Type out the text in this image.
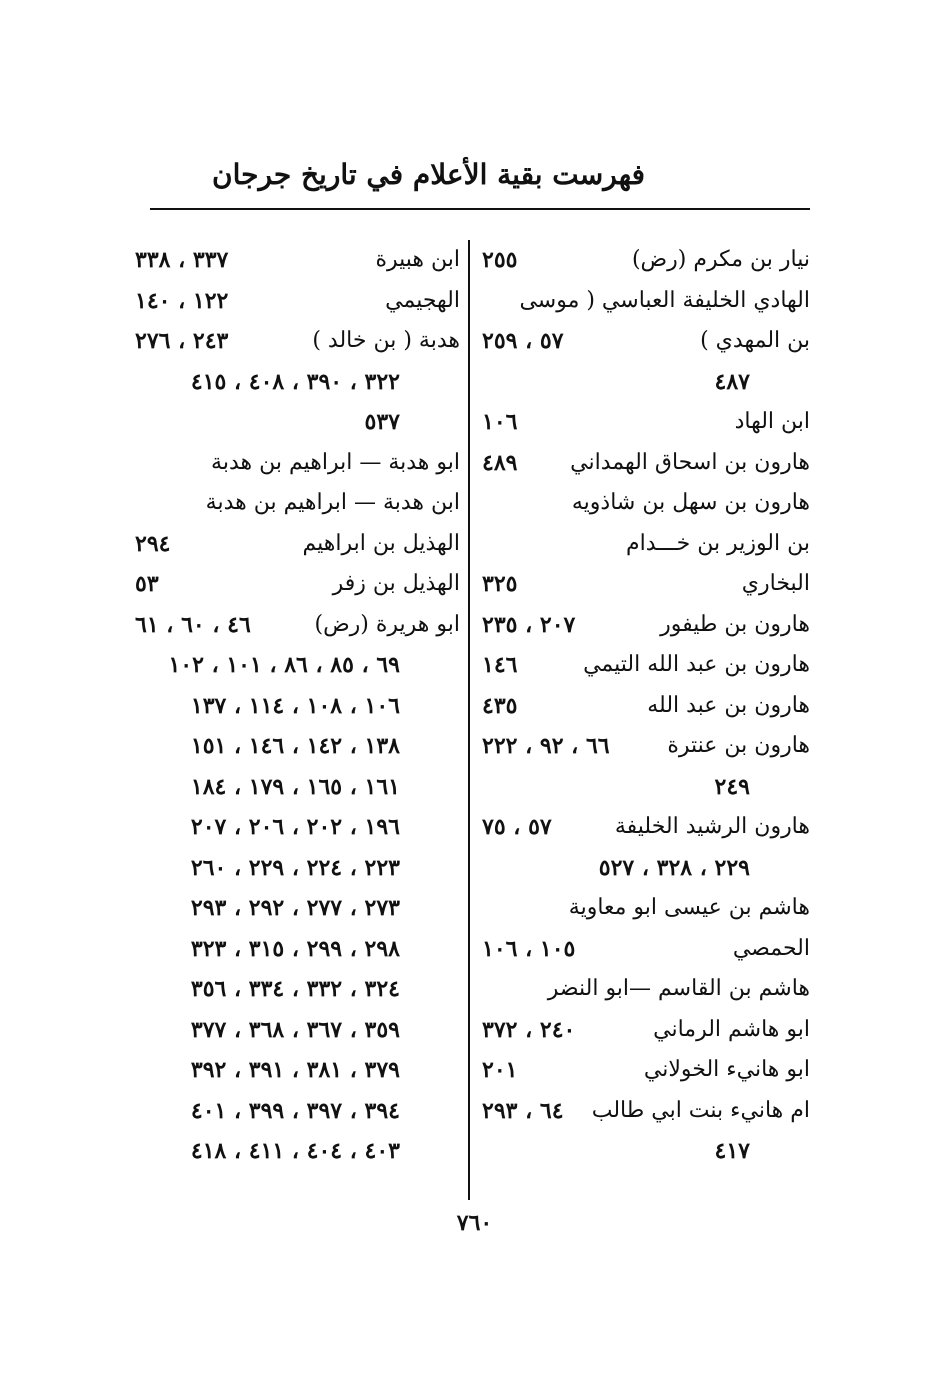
فهرست بقية الأعلام في تاريخ جرجان
نيار بن مكرم (رض)
٢٥٥
الهادي الخليفة العباسي ( موسى
بن المهدي )
٥٧ ، ٢٥٩
٤٨٧
ابن الهاد
١٠٦
هارون بن اسحاق الهمداني
٤٨٩
هارون بن سهل بن شاذويه
بن الوزير بن خـــدام
البخاري
٣٢٥
هارون بن طيفور
٢٠٧ ، ٢٣٥
هارون بن عبد الله التيمي
١٤٦
هارون بن عبد الله
٤٣٥
هارون بن عنترة
٦٦ ، ٩٢ ، ٢٢٢
٢٤٩
هارون الرشيد الخليفة
٥٧ ، ٧٥
٢٢٩ ، ٣٢٨ ، ٥٢٧
هاشم بن عيسى ابو معاوية
الحمصي
١٠٥ ، ١٠٦
هاشم بن القاسم —ابو النضر
ابو هاشم الرماني
٢٤٠ ، ٣٧٢
ابو هانيء الخولاني
٢٠١
ام هانيء بنت ابي طالب
٦٤ ، ٢٩٣
٤١٧
ابن هبيرة
٣٣٧ ، ٣٣٨
الهجيمي
١٢٢ ، ١٤٠
هدبة ( بن خالد )
٢٤٣ ، ٢٧٦
٣٢٢ ، ٣٩٠ ، ٤٠٨ ، ٤١٥
٥٣٧
ابو هدبة — ابراهيم بن هدبة
ابن هدبة — ابراهيم بن هدبة
الهذيل بن ابراهيم
٢٩٤
الهذيل بن زفر
٥٣
ابو هريرة (رض)
٤٦ ، ٦٠ ، ٦١
٦٩ ، ٨٥ ، ٨٦ ، ١٠١ ، ١٠٢
١٠٦ ، ١٠٨ ، ١١٤ ، ١٣٧
١٣٨ ، ١٤٢ ، ١٤٦ ، ١٥١
١٦١ ، ١٦٥ ، ١٧٩ ، ١٨٤
١٩٦ ، ٢٠٢ ، ٢٠٦ ، ٢٠٧
٢٢٣ ، ٢٢٤ ، ٢٢٩ ، ٢٦٠
٢٧٣ ، ٢٧٧ ، ٢٩٢ ، ٢٩٣
٢٩٨ ، ٢٩٩ ، ٣١٥ ، ٣٢٣
٣٢٤ ، ٣٣٢ ، ٣٣٤ ، ٣٥٦
٣٥٩ ، ٣٦٧ ، ٣٦٨ ، ٣٧٧
٣٧٩ ، ٣٨١ ، ٣٩١ ، ٣٩٢
٣٩٤ ، ٣٩٧ ، ٣٩٩ ، ٤٠١
٤٠٣ ، ٤٠٤ ، ٤١١ ، ٤١٨
٧٦٠
